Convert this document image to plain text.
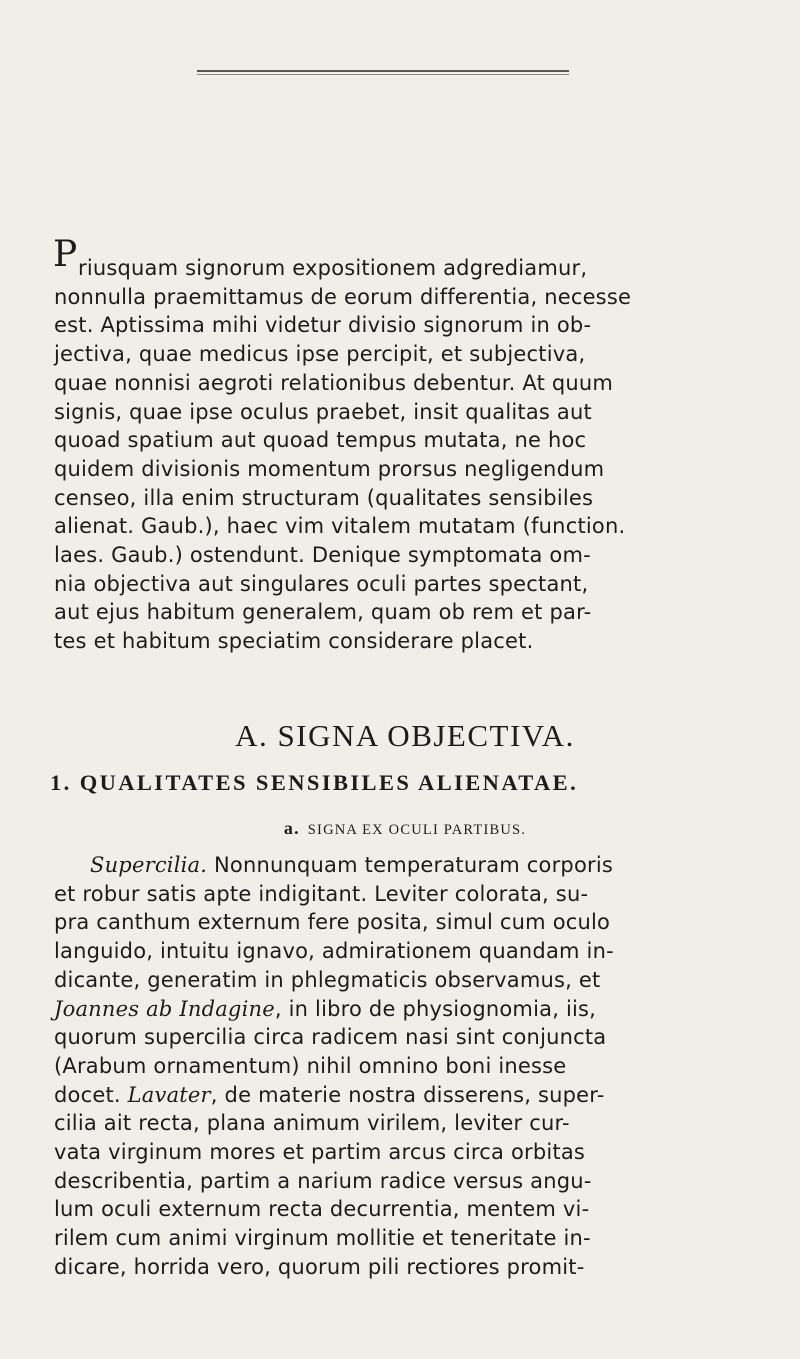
P riusquam signorum expositionem adgrediamur,
nonnulla praemittamus de eorum differentia, necesse
est. Aptissima mihi videtur divisio signorum in ob-
jectiva, quae medicus ipse percipit, et subjectiva,
quae nonnisi aegroti relationibus debentur. At quum
signis, quae ipse oculus praebet, insit qualitas aut
quoad spatium aut quoad tempus mutata, ne hoc
quidem divisionis momentum prorsus negligendum
censeo, illa enim structuram (qualitates sensibiles
alienat. Gaub.), haec vim vitalem mutatam (function.
laes. Gaub.) ostendunt. Denique symptomata om-
nia objectiva aut singulares oculi partes spectant,
aut ejus habitum generalem, quam ob rem et par-
tes et habitum speciatim considerare placet.
A. SIGNA OBJECTIVA.
1. QUALITATES SENSIBILES ALIENATAE.
a. SIGNA EX OCULI PARTIBUS.
Supercilia. Nonnunquam temperaturam corporis
et robur satis apte indigitant. Leviter colorata, su-
pra canthum externum fere posita, simul cum oculo
languido, intuitu ignavo, admirationem quandam in-
dicante, generatim in phlegmaticis observamus, et
Joannes ab Indagine, in libro de physiognomia, iis,
quorum supercilia circa radicem nasi sint conjuncta
(Arabum ornamentum) nihil omnino boni inesse
docet. Lavater, de materie nostra disserens, super-
cilia ait recta, plana animum virilem, leviter cur-
vata virginum mores et partim arcus circa orbitas
describentia, partim a narium radice versus angu-
lum oculi externum recta decurrentia, mentem vi-
rilem cum animi virginum mollitie et teneritate in-
dicare, horrida vero, quorum pili rectiores promit-
